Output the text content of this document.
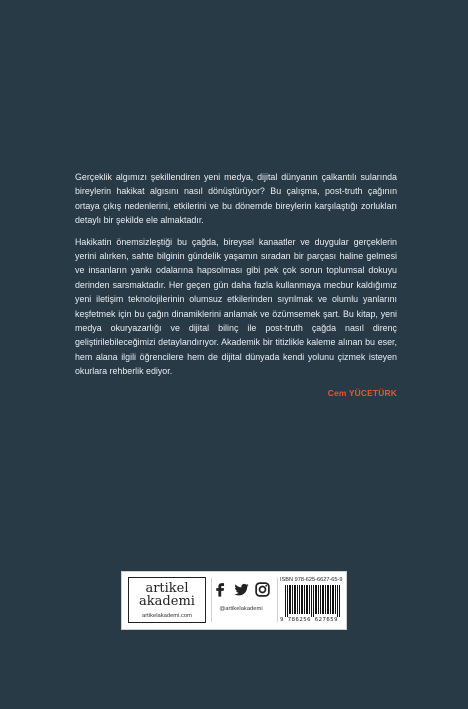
Gerçeklik algımızı şekillendiren yeni medya, dijital dünyanın çalkantılı sularında bireylerin hakikat algısını nasıl dönüştürüyor? Bu çalışma, post-truth çağının ortaya çıkış nedenlerini, etkilerini ve bu dönemde bireylerin karşılaştığı zorlukları detaylı bir şekilde ele almaktadır.

Hakikatin önemsizleştiği bu çağda, bireysel kanaatler ve duygular gerçeklerin yerini alırken, sahte bilginin gündelik yaşamın sıradan bir parçası haline gelmesi ve insanların yankı odalarına hapsolması gibi pek çok sorun toplumsal dokuyu derinden sarsmaktadır. Her geçen gün daha fazla kullanmaya mecbur kaldığımız yeni iletişim teknolojilerinin olumsuz etkilerinden sıyrılmak ve olumlu yanlarını keşfetmek için bu çağın dinamiklerini anlamak ve özümsemek şart. Bu kitap, yeni medya okuryazarlığı ve dijital bilinç ile post-truth çağda nasıl direnç geliştirilebileceğimizi detaylandırıyor. Akademik bir titizlikle kaleme alınan bu eser, hem alana ilgili öğrencilere hem de dijital dünyada kendi yolunu çizmek isteyen okurlara rehberlik ediyor.

Cem YÜCETÜRK
artikel
akademi
artikelakademi.com
@artikelakademi
ISBN 978-625-6627-65-9
9 786256 627659
